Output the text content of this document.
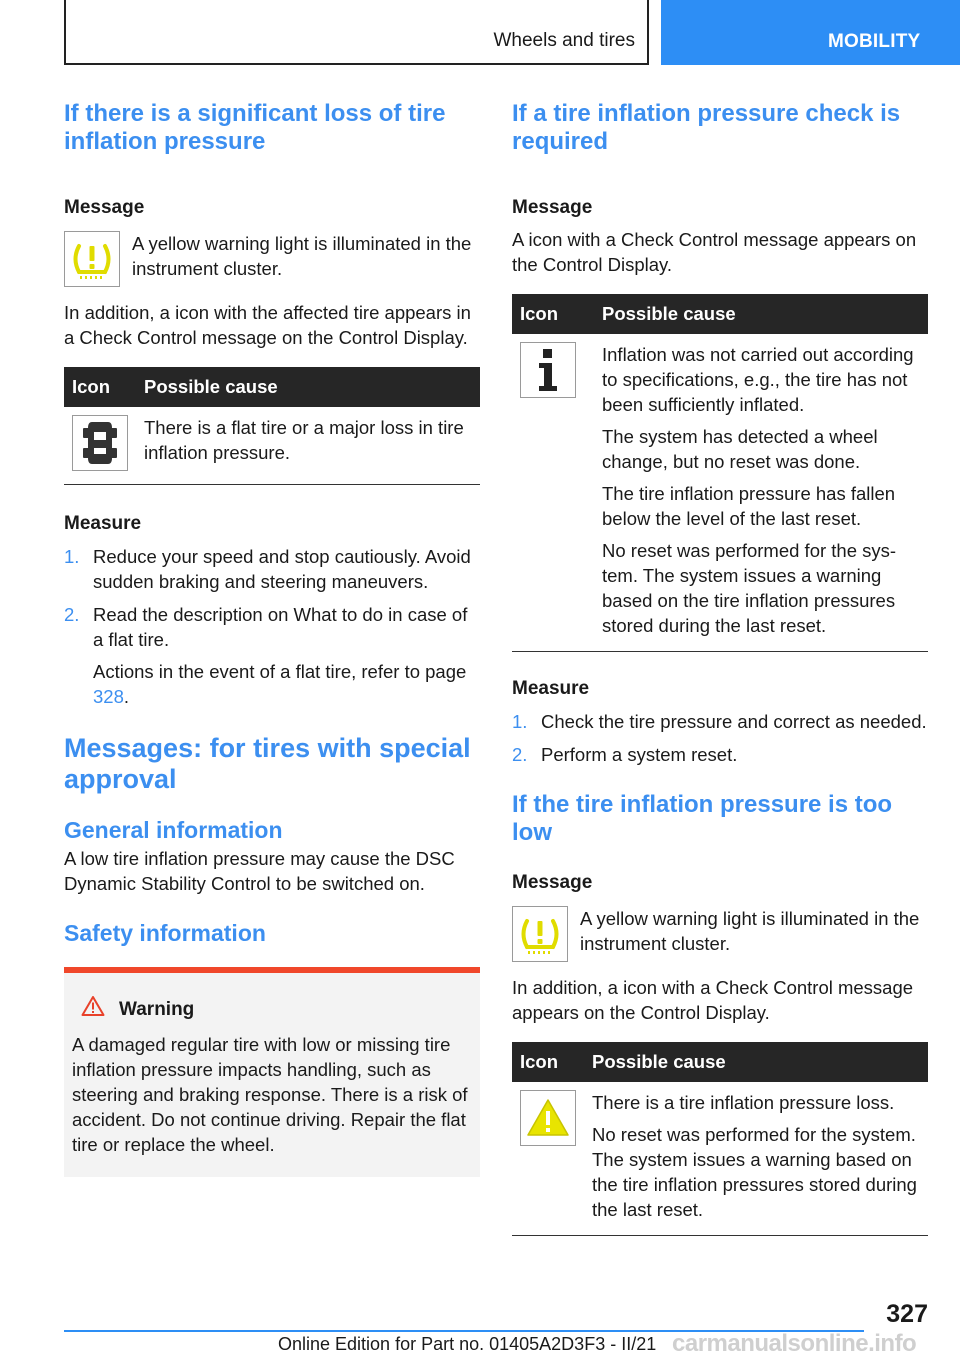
Wheels and tires	MOBILITY
If there is a significant loss of tire inflation pressure
Message
A yellow warning light is illuminated in the instrument cluster.
In addition, a icon with the affected tire appears in a Check Control message on the Control Display.
Icon	Possible cause

There is a flat tire or a major loss in tire inflation pressure.
Measure
1. Reduce your speed and stop cautiously. Avoid sudden braking and steering maneuvers.
2. Read the description on What to do in case of a flat tire.
Actions in the event of a flat tire, refer to page 328.
Messages: for tires with special approval
General information
A low tire inflation pressure may cause the DSC Dynamic Stability Control to be switched on.
Safety information
Warning
A damaged regular tire with low or missing tire inflation pressure impacts handling, such as steering and braking response. There is a risk of accident. Do not continue driving. Repair the flat tire or replace the wheel.
If a tire inflation pressure check is required
Message
A icon with a Check Control message appears on the Control Display.
Icon	Possible cause

Inflation was not carried out according to specifications, e.g., the tire has not been sufficiently inflated.
The system has detected a wheel change, but no reset was done.
The tire inflation pressure has fallen below the level of the last reset.
No reset was performed for the system. The system issues a warning based on the tire inflation pressures stored during the last reset.
Measure
1. Check the tire pressure and correct as needed.
2. Perform a system reset.
If the tire inflation pressure is too low
Message
A yellow warning light is illuminated in the instrument cluster.
In addition, a icon with a Check Control message appears on the Control Display.
Icon	Possible cause

There is a tire inflation pressure loss.
No reset was performed for the system. The system issues a warning based on the tire inflation pressures stored during the last reset.
327
carmanualsonline.info
Online Edition for Part no. 01405A2D3F3 - II/21
